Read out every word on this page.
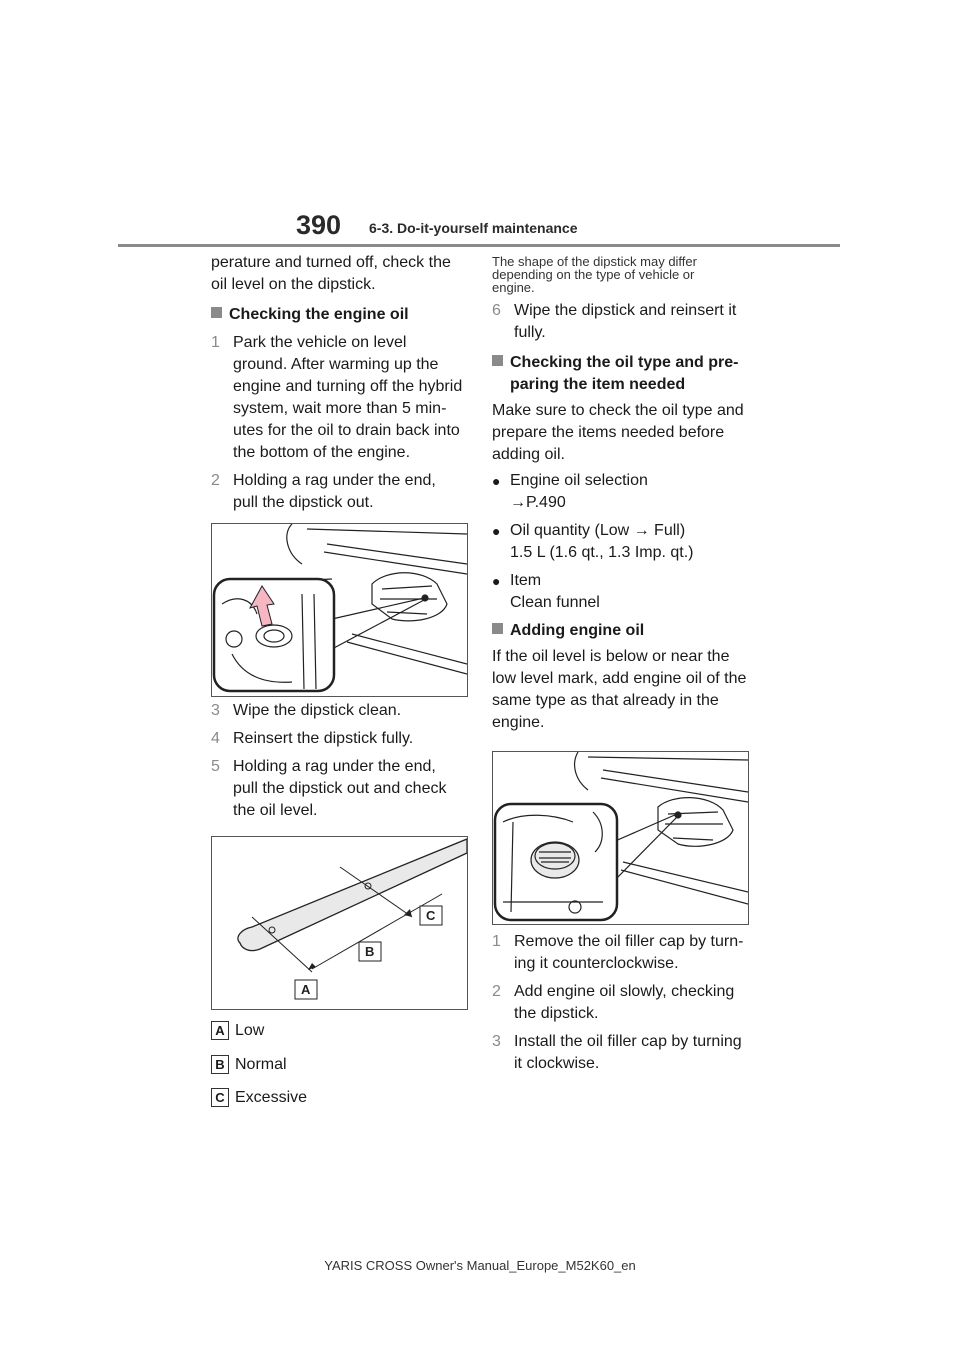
390 6-3. Do-it-yourself maintenance

perature and turned off, check the

oil level on the dipstick.

Checking the engine oil

1 Park the vehicle on level
ground. After warming up the
engine and turning off the hybrid
system, wait more than 5 min-
utes for the oil to drain back into
the bottom of the engine.
2 Holding a rag under the end,
pull the dipstick out.
3 Wipe the dipstick clean.
4 Reinsert the dipstick fully.
5 Holding a rag under the end,
pull the dipstick out and check
the oil level.
C
B
A
A Low
B Normal
C Excessive

The shape of the dipstick may differ

depending on the type of vehicle or

engine.

6 Wipe the dipstick and reinsert it
fully.

Checking the oil type and pre-

paring the item needed

Make sure to check the oil type and

prepare the items needed before

adding oil.

● Engine oil selection
→P.490
● Oil quantity (Low → Full)
1.5 L (1.6 qt., 1.3 Imp. qt.)
● Item
Clean funnel

Adding engine oil

If the oil level is below or near the

low level mark, add engine oil of the

same type as that already in the

engine.

1 Remove the oil filler cap by turn-
ing it counterclockwise.
2 Add engine oil slowly, checking
the dipstick.
3 Install the oil filler cap by turning
it clockwise.
YARIS CROSS Owner's Manual_Europe_M52K60_en
